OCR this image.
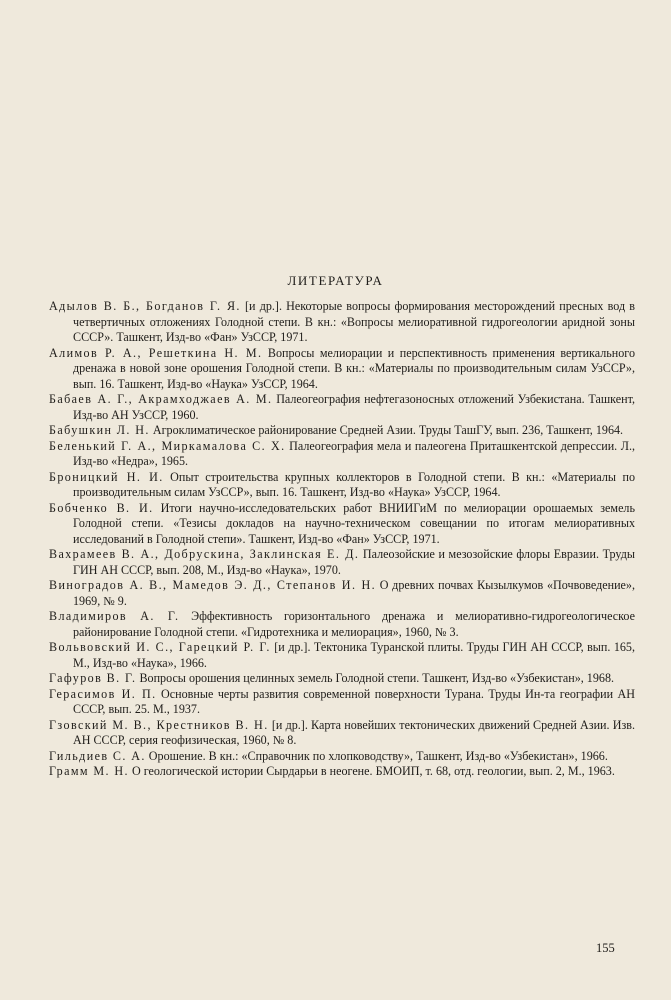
ЛИТЕРАТУРА

Адылов В. Б., Богданов Г. Я. [и др.]. Некоторые вопросы формирования месторождений пресных вод в четвертичных отложениях Голодной степи. В кн.: «Вопросы мелиоративной гидрогеологии аридной зоны СССР». Ташкент, Изд-во «Фан» УзССР, 1971.

Алимов Р. А., Решеткина Н. М. Вопросы мелиорации и перспективность применения вертикального дренажа в новой зоне орошения Голодной степи. В кн.: «Материалы по производительным силам УзССР», вып. 16. Ташкент, Изд-во «Наука» УзССР, 1964.

Бабаев А. Г., Акрамходжаев А. М. Палеогеография нефтегазоносных отложений Узбекистана. Ташкент, Изд-во АН УзССР, 1960.

Бабушкин Л. Н. Агроклиматическое районирование Средней Азии. Труды ТашГУ, вып. 236, Ташкент, 1964.

Беленький Г. А., Миркамалова С. Х. Палеогеография мела и палеогена Приташкентской депрессии. Л., Изд-во «Недра», 1965.

Броницкий Н. И. Опыт строительства крупных коллекторов в Голодной степи. В кн.: «Материалы по производительным силам УзССР», вып. 16. Ташкент, Изд-во «Наука» УзССР, 1964.

Бобченко В. И. Итоги научно-исследовательских работ ВНИИГиМ по мелиорации орошаемых земель Голодной степи. «Тезисы докладов на научно-техническом совещании по итогам мелиоративных исследований в Голодной степи». Ташкент, Изд-во «Фан» УзССР, 1971.

Вахрамеев В. А., Добрускина, Заклинская Е. Д. Палеозойские и мезозойские флоры Евразии. Труды ГИН АН СССР, вып. 208, М., Изд-во «Наука», 1970.

Виноградов А. В., Мамедов Э. Д., Степанов И. Н. О древних почвах Кызылкумов «Почвоведение», 1969, № 9.

Владимиров А. Г. Эффективность горизонтального дренажа и мелиоративно-гидрогеологическое районирование Голодной степи. «Гидротехника и мелиорация», 1960, № 3.

Вольвовский И. С., Гарецкий Р. Г. [и др.]. Тектоника Туранской плиты. Труды ГИН АН СССР, вып. 165, М., Изд-во «Наука», 1966.

Гафуров В. Г. Вопросы орошения целинных земель Голодной степи. Ташкент, Изд-во «Узбекистан», 1968.

Герасимов И. П. Основные черты развития современной поверхности Турана. Труды Ин-та географии АН СССР, вып. 25. М., 1937.

Гзовский М. В., Крестников В. Н. [и др.]. Карта новейших тектонических движений Средней Азии. Изв. АН СССР, серия геофизическая, 1960, № 8.

Гильдиев С. А. Орошение. В кн.: «Справочник по хлопководству», Ташкент, Изд-во «Узбекистан», 1966.

Грамм М. Н. О геологической истории Сырдарьи в неогене. БМОИП, т. 68, отд. геологии, вып. 2, М., 1963.

155
